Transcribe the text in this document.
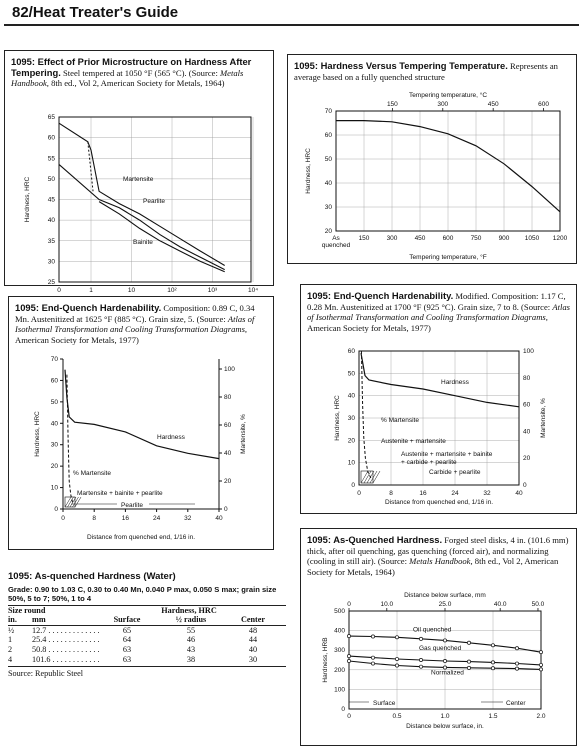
82/Heat Treater's Guide
1095: Effect of Prior Microstructure on Hardness After Tempering. Steel tempered at 1050 °F (565 °C). (Source: Metals Handbook, 8th ed., Vol 2, American Society for Metals, 1964)
0	1	10	10²	10³	10⁴
25
30
35
40
45
50
55
60
65
Hardness, HRC	Martensite
Pearlite
Bainite
1095: Hardness Versus Tempering Temperature. Represents an average based on a fully quenched structure
As	150	300	450	600	750	900 1050 1200
quenched
20
30
40
50
60
70
150	300	450	600
Tempering temperature, °C
Tempering temperature, °F
Hardness, HRC
1095: End-Quench Hardenability. Composition: 0.89 C, 0.34 Mn. Austenitized at 1625 °F (885 °C). Grain size, 5. (Source: Atlas of Isothermal Transformation and Cooling Transformation Diagrams, American Society for Metals, 1977)
0	8	16	24	32	40
0
10
20
30
40
50
60
70
0
20
40
60
80
100
Distance from quenched end, 1/16 in.
Hardness, HRC	Martensite, %
Hardness
% Martensite
Martensite + bainite + pearlite
Pearlite
1095: End-Quench Hardenability. Modified. Composition: 1.17 C, 0.28 Mn. Austenitized at 1700 °F (925 °C). Grain size, 7 to 8. (Source: Atlas of Isothermal Transformation and Cooling Transformation Diagrams, American Society for Metals, 1977)
0	8	16	24	32	40
0
10
20
30
40
50
60
0
20
40
60
80
100
Distance from quenched end, 1/16 in.
Hardness, HRC	Martensite, %
Hardness
% Martensite
Austenite + martensite
Austenite + martensite + bainite
+ carbide + pearlite
Carbide + pearlite
1095: As-Quenched Hardness. Forged steel disks, 4 in. (101.6 mm) thick, after oil quenching, gas quenching (forced air), and normalizing (cooling in still air). (Source: Metals Handbook, 8th ed., Vol 2, American Society for Metals, 1964)
0	0.5	1.0	1.5	2.0
0
100
200
300
400
500
0	10.0	25.0	40.0	50.0
Distance below surface, mm
Distance below surface, in.
Hardness, HRB
Oil quenched
Gas quenched
Normalized
Surface	Center
1095: As-quenched Hardness (Water)
Grade: 0.90 to 1.03 C, 0.30 to 0.40 Mn, 0.040 P max, 0.050 S max; grain size 50%, 5 to 7; 50%, 1 to 4
Size round	Hardness, HRC
in.	mm	Surface	½ radius	Center
½	12.7 . . . . . . . . . . . . .	65	55	48
1	25.4 . . . . . . . . . . . . .	64	46	44
2	50.8 . . . . . . . . . . . . .	63	43	40
4	101.6 . . . . . . . . . . . .	63	38	30
Source: Republic Steel
